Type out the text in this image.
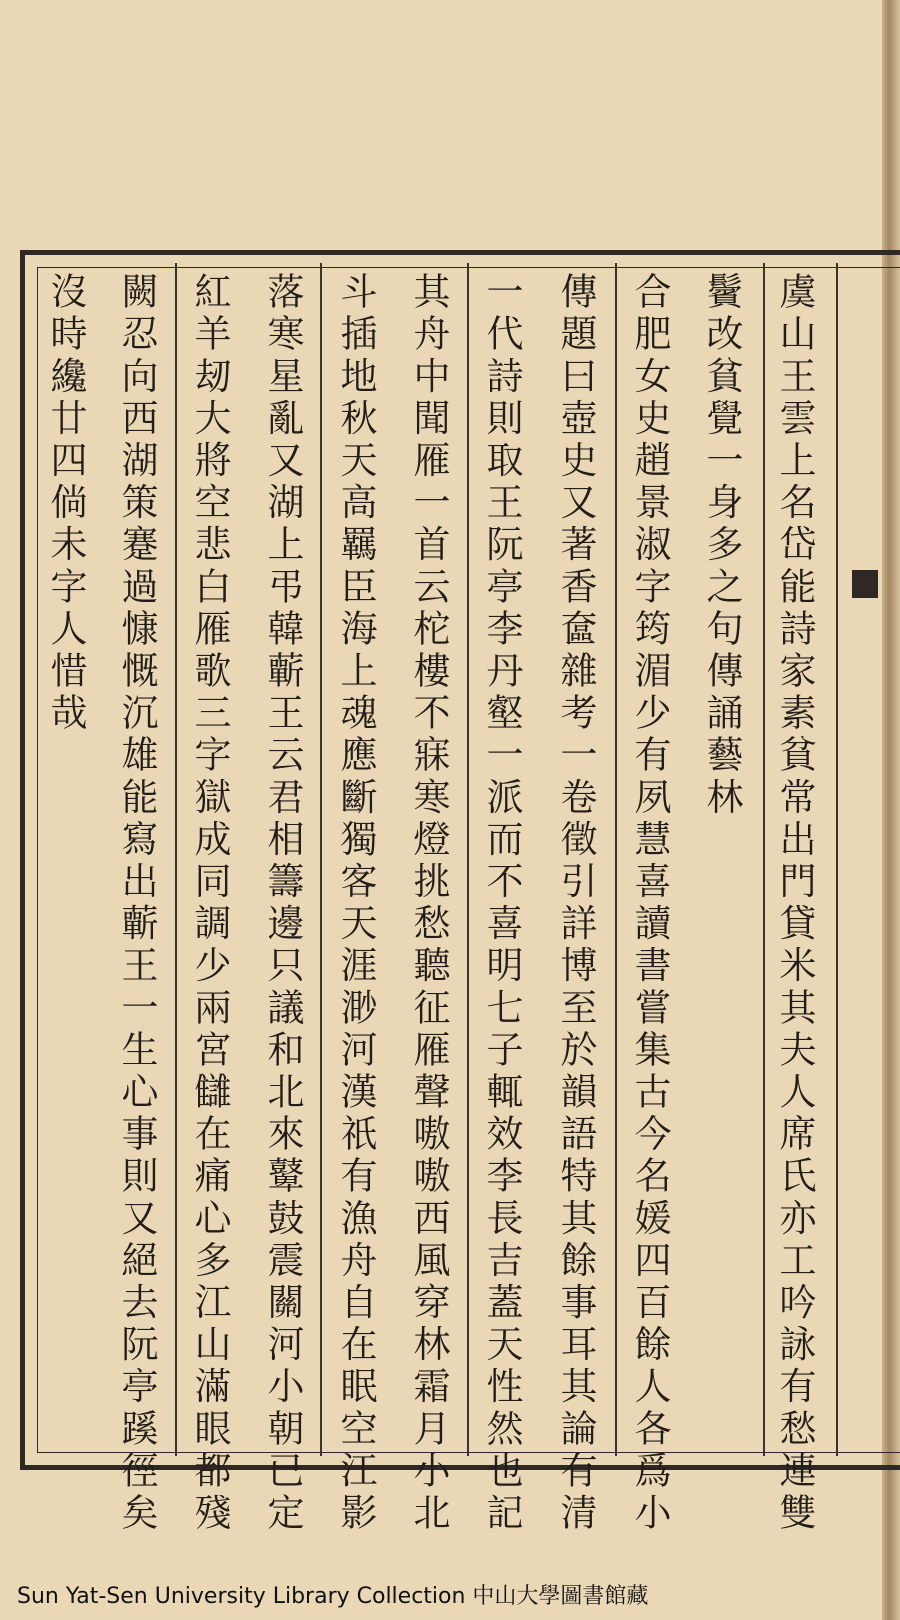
虞山王雲上名岱能詩家素貧常出門貸米其夫人席氏亦工吟詠有愁連雙
鬢改貧覺一身多之句傳誦藝林
合肥女史趙景淑字筠湄少有夙慧喜讀書嘗集古今名媛四百餘人各爲小
傳題曰壺史又著香奩雜考一卷徵引詳博至於韻語特其餘事耳其論有清
一代詩則取王阮亭李丹壑一派而不喜明七子輒效李長吉蓋天性然也記
其舟中聞雁一首云柁樓不寐寒燈挑愁聽征雁聲嗷嗷西風穿林霜月小北
斗插地秋天高羈臣海上魂應斷獨客天涯渺河漢祇有漁舟自在眠空江影
落寒星亂又湖上弔韓蘄王云君相籌邊只議和北來鼙鼓震關河小朝已定
紅羊刼大將空悲白雁歌三字獄成同調少兩宮讎在痛心多江山滿眼都殘
闕忍向西湖策蹇過慷慨沉雄能寫出蘄王一生心事則又絕去阮亭蹊徑矣
沒時纔廿四倘未字人惜哉
Sun Yat-Sen University Library Collection 中山大學圖書館藏
